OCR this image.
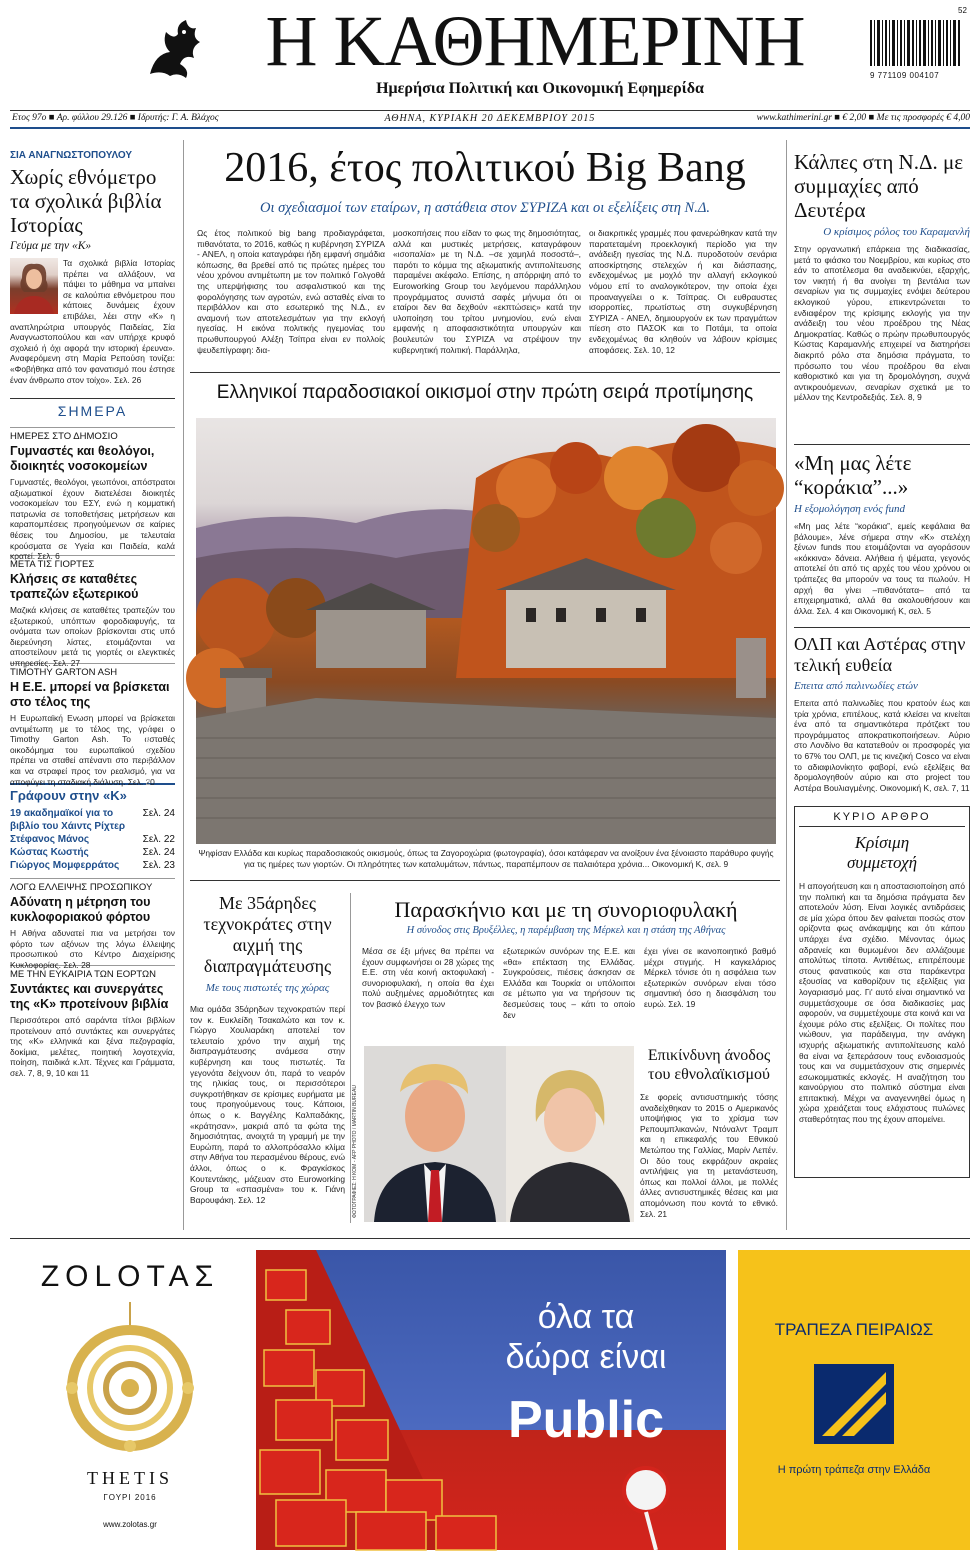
Η ΚΑΘΗΜΕΡΙΝΗ
Ημερήσια Πολιτική και Οικονομική Εφημερίδα
9 771109 004107
52
Ετος 97ο ■ Αρ. φύλλου 29.126 ■ Ιδρυτής: Γ. Α. Βλάχος	ΑΘΗΝΑ, ΚΥΡΙΑΚΗ 20 ΔΕΚΕΜΒΡΙΟΥ 2015	www.kathimerini.gr ■ € 2,00 ■ Με τις προσφορές € 4,00
ΣΙΑ ΑΝΑΓΝΩΣΤΟΠΟΥΛΟΥ
Χωρίς εθνόμετρο τα σχολικά βιβλία Ιστορίας
Γεύμα με την «Κ»
Τα σχολικά βιβλία Ιστορίας πρέπει να αλλάξουν, να πάψει το μάθημα να μπαίνει σε καλούπια εθνόμετρου που κάποιες δυνάμεις έχουν επιβάλει, λέει στην «Κ» η αναπληρώτρια υπουργός Παιδείας, Σία Αναγνωστοπούλου και «αν υπήρχε κρυφό σχολειό ή όχι αφορά την ιστορική έρευνα». Αναφερόμενη στη Μαρία Ρεπούση τονίζει: «Φοβήθηκα από τον φανατισμό που έστησε έναν άνθρωπο στον τοίχο». Σελ. 26
ΣΗΜΕΡΑ
ΗΜΕΡΕΣ ΣΤΟ ΔΗΜΟΣΙΟ
Γυμναστές και θεολόγοι, διοικητές νοσοκομείων
Γυμναστές, θεολόγοι, γεωπόνοι, απόστρατοι αξιωματικοί έχουν διατελέσει διοικητές νοσοκομείων του ΕΣΥ, ενώ η κομματική πατρωνία σε τοποθετήσεις μετρήσεων και καραπομπέσεις προηγούμενων σε καίριες θέσεις του Δημοσίου, με τελευταία κρούσματα σε Υγεία και Παιδεία, καλά κρατεί. Σελ. 6
ΜΕΤΑ ΤΙΣ ΓΙΟΡΤΕΣ
Κλήσεις σε καταθέτες τραπεζών εξωτερικού
Μαζικά κλήσεις σε καταθέτες τραπεζών του εξωτερικού, υπόπτων φοροδιαφυγής, τα ονόματα των οποίων βρίσκονται στις υπό διερεύνηση λίστες, ετοιμάζονται να αποστείλουν μετά τις γιορτές οι ελεγκτικές υπηρεσίες. Σελ. 27
TIMOTHY GARTON ASH
Η Ε.Ε. μπορεί να βρίσκεται στο τέλος της
Η Ευρωπαϊκή Ενωση μπορεί να βρίσκεται αντιμέτωπη με το τέλος της, γράφει ο Timothy Garton Ash. Το ασταθές οικοδόμημα του ευρωπαϊκού σχεδίου πρέπει να σταθεί απέναντι στο περιβάλλον και να στραφεί προς τον ρεαλισμό, για να αποφύγει τη σταδιακή διάλυση. Σελ. 20
Γράφουν στην «Κ»
19 ακαδημαϊκοί για το βιβλίο του Χάιντς Ρίχτερ
Σελ. 24
Στέφανος Μάνος	Σελ. 22
Κώστας Κωστής	Σελ. 24
Γιώργος Μομφερράτος Σελ. 23
ΛΟΓΩ ΕΛΛΕΙΨΗΣ ΠΡΟΣΩΠΙΚΟΥ
Αδύνατη η μέτρηση του κυκλοφοριακού φόρτου
Η Αθήνα αδυνατεί πια να μετρήσει τον φόρτο των αξόνων της λόγω έλλειψης προσωπικού στο Κέντρο Διαχείρισης Κυκλοφορίας. Σελ. 28
ΜΕ ΤΗΝ ΕΥΚΑΙΡΙΑ ΤΩΝ ΕΟΡΤΩΝ
Συντάκτες και συνεργάτες της «Κ» προτείνουν βιβλία
Περισσότεροι από σαράντα τίτλοι βιβλίων προτείνουν από συντάκτες και συνεργάτες της «Κ» ελληνικά και ξένα πεζογραφία, δοκίμια, μελέτες, ποιητική λογοτεχνία, ποίηση, παιδικά κ.λπ. Τέχνες και Γράμματα, σελ. 7, 8, 9, 10 και 11
2016, έτος πολιτικού Big Bang
Οι σχεδιασμοί των εταίρων, η αστάθεια στον ΣΥΡΙΖΑ και οι εξελίξεις στη Ν.Δ.
Ως έτος πολιτικού big bang προδιαγράφεται, πιθανότατα, το 2016, καθώς η κυβέρνηση ΣΥΡΙΖΑ - ΑΝΕΛ, η οποία καταγράφει ήδη εμφανή σημάδια κόπωσης, θα βρεθεί από τις πρώτες ημέρες του νέου χρόνου αντιμέτωπη με τον πολιτικό Γολγοθά της υπερψήφισης του ασφαλιστικού και της φορολόγησης των αγροτών, ενώ ασταθές είναι το περιβάλλον και στο εσωτερικό της Ν.Δ., εν αναμονή των αποτελεσμάτων για την εκλογή ηγεσίας. Η εικόνα πολιτικής ηγεμονίας του πρωθυπουργού Αλέξη Τσίπρα είναι εν πολλοίς ψευδεπίγραφη: δια-
μοσκοπήσεις που είδαν το φως της δημοσιότητας, αλλά και μυστικές μετρήσεις, καταγράφουν «ισοπαλία» με τη Ν.Δ. –σε χαμηλά ποσοστά–, παρότι το κόμμα της αξιωματικής αντιπολίτευσης παραμένει ακέφαλο. Επίσης, η απόρριψη από το Euroworking Group του λεγόμενου παράλληλου προγράμματος συνιστά σαφές μήνυμα ότι οι εταίροι δεν θα δεχθούν «εκπτώσεις» κατά την υλοποίηση του τρίτου μνημονίου, ενώ είναι εμφανής η αποφασιστικότητα υπουργών και βουλευτών του ΣΥΡΙΖΑ να στρέψουν την κυβερνητική πολιτική. Παράλληλα,
οι διακριτικές γραμμές που φανερώθηκαν κατά την παρατεταμένη προεκλογική περίοδο για την ανάδειξη ηγεσίας της Ν.Δ. πυροδοτούν σενάρια αποσκίρτησης στελεχών ή και διάσπασης, ενδεχομένως με μοχλό την αλλαγή εκλογικού νόμου επί το αναλογικότερον, την οποία έχει προαναγγείλει ο κ. Τσίπρας. Οι ευθραυστες ισορροπίες, πρωτίστως στη συγκυβέρνηση ΣΥΡΙΖΑ - ΑΝΕΛ, δημιουργούν εκ των πραγμάτων πίεση στο ΠΑΣΟΚ και το Ποτάμι, τα οποία ενδεχομένως θα κληθούν να λάβουν κρίσιμες αποφάσεις. Σελ. 10, 12
Ελληνικοί παραδοσιακοί οικισμοί στην πρώτη σειρά προτίμησης
ΦΩΤ. ΓΙΑΝ / ΜΑΡΙΛΗ ΒΑΡΔΟΓΙΑΛΗ
Ψηφίσαν Ελλάδα και κυρίως παραδοσιακούς οικισμούς, όπως τα Ζαγοροχώρια (φωτογραφία), όσοι κατάφεραν να ανοίξουν ένα ξένοιαστο παράθυρο φυγής για τις ημέρες των γιορτών. Οι πληρότητες των καταλυμάτων, πάντως, παραπέμπουν σε παλαιότερα χρόνια... Οικονομική Κ, σελ. 9
Με 35άρηδες τεχνοκράτες στην αιχμή της διαπραγμάτευσης
Με τους πιστωτές της χώρας
Μια ομάδα 35άρηδων τεχνοκρατών περί τον κ. Ευκλείδη Τσακαλώτο και τον κ. Γιώργο Χουλιαράκη αποτελεί τον τελευταίο χρόνο την αιχμή της διαπραγμάτευσης ανάμεσα στην κυβέρνηση και τους πιστωτές. Τα γεγονότα δείχνουν ότι, παρά το νεαρόν της ηλικίας τους, οι περισσότεροι συγκροτήθηκαν σε κρίσιμες ευρήματα με τους προηγούμενους τους. Κάποιοι, όπως ο κ. Βαγγέλης Καλπαδάκης, «κράτησαν», μακριά από τα φώτα της δημοσιότητας, ανοιχτά τη γραμμή με την Ευρώπη, παρά το αλλοπρόσαλλο κλίμα στην Αθήνα του περασμένου θέρους, ενώ άλλοι, όπως ο κ. Φραγκίσκος Κουτεντάκης, μάζευαν στο Euroworking Group τα «σπασμένα» του κ. Γιάνη Βαρουφάκη. Σελ. 12
Παρασκήνιο και με τη συνοριοφυλακή
Η σύνοδος στις Βρυξέλλες, η παρέμβαση της Μέρκελ και η στάση της Αθήνας
Μέσα σε έξι μήνες θα πρέπει να έχουν συμφωνήσει οι 28 χώρες της Ε.Ε. στη νέα κοινή ακτοφυλακή - συνοριοφυλακή, η οποία θα έχει πολύ αυξημένες αρμοδιότητες και τον βασικό έλεγχο των
εξωτερικών συνόρων της Ε.Ε. και «θα» επέκταση της Ελλάδας. Συγκρούσεις, πιέσεις άσκησαν σε Ελλάδα και Τουρκία οι υπόλοιποι σε μέτωπο για να τηρήσουν τις δεσμεύσεις τους – κάτι το οποίο δεν
έχει γίνει σε ικανοποιητικό βαθμό μέχρι στιγμής. Η καγκελάριος Μέρκελ τόνισε ότι η ασφάλεια των εξωτερικών συνόρων είναι τόσο σημαντική όσο η διασφάλιση του ευρώ. Σελ. 19
ΦΩΤΟΓΡΑΦΙΕΣ: Η ΚΟΜ - AFP PHOTO / MARTIN BUREAU
Επικίνδυνη άνοδος του εθνολαϊκισμού
Σε φορείς αντισυστημικής τόσης αναδείχθηκαν το 2015 ο Αμερικανός υποψήφιος για το χρίσμα των Ρεπουμπλικανών, Ντόναλντ Τραμπ και η επικεφαλής του Εθνικού Μετώπου της Γαλλίας, Μαρίν Λεπέν. Οι δύο τους εκφράζουν ακραίες αντιλήψεις για τη μετανάστευση, όπως και πολλοί άλλοι, με πολλές άλλες αντισυστημικές θέσεις και μια απομόνωση που κοντά το εθνικό. Σελ. 21
Κάλπες στη Ν.Δ. με συμμαχίες από Δευτέρα
Ο κρίσιμος ρόλος του Καραμανλή
Στην οργανωτική επάρκεια της διαδικασίας, μετά το φιάσκο του Νοεμβρίου, και κυρίως στο εάν το αποτέλεσμα θα αναδεικνύει, εξαρχής, τον νικητή ή θα ανοίγει τη βεντάλια των σεναρίων για τις συμμαχίες ενόψει δεύτερου εκλογικού γύρου, επικεντρώνεται το ενδιαφέρον της κρίσιμης εκλογής για την ανάδειξη του νέου προέδρου της Νέας Δημοκρατίας. Καθώς ο πρώην πρωθυπουργός Κώστας Καραμανλής επιχειρεί να διατηρήσει διακριτό ρόλο στα δημόσια πράγματα, το πρόσωπο του νέου προέδρου θα είναι καθοριστικό και για τη δρομολόγηση, συχνά αντικρουόμενων, σεναρίων σχετικά με το μέλλον της Κεντροδεξιάς. Σελ. 8, 9
«Μη μας λέτε “κοράκια”...»
Η εξομολόγηση ενός fund
«Μη μας λέτε “κοράκια”, εμείς κεφάλαια θα βάλουμε», λένε σήμερα στην «Κ» στελέχη ξένων funds που ετοιμάζονται να αγοράσουν «κόκκινα» δάνεια. Αλήθεια ή ψέματα, γεγονός αποτελεί ότι από τις αρχές του νέου χρόνου οι τράπεζες θα μπορούν να τους τα πωλούν. Η αρχή θα γίνει –πιθανότατα– από τα επιχειρηματικά, αλλά θα ακολουθήσουν και άλλα. Σελ. 4 και Οικονομική Κ, σελ. 5
ΟΛΠ και Αστέρας στην τελική ευθεία
Επειτα από παλινωδίες ετών
Επειτα από παλινωδίες που κρατούν έως και τρία χρόνια, επιτέλους, κατά κλείσει να κινείται ένα από τα σημαντικότερα πρότζεκτ του προγράμματος αποκρατικοποιήσεων. Αύριο στο Λονδίνο θα κατατεθούν οι προσφορές για το 67% του ΟΛΠ, με τις κινεζική Cosco να είναι το αδιαφιλονίκητο φαβορί, ενώ εξελίξεις θα δρομολογηθούν αύριο και στο project του Αστέρα Βουλιαγμένης. Οικονομική Κ, σελ. 7, 11
ΚΥΡΙΟ ΑΡΘΡΟ
Κρίσιμη συμμετοχή
Η απογοήτευση και η αποστασιοποίηση από την πολιτική και τα δημόσια πράγματα δεν αποτελούν λύση. Είναι λογικές αντιδράσεις σε μία χώρα όπου δεν φαίνεται ποσώς στον ορίζοντα φως ανάκαμψης και ότι κάπου υπάρχει ένα σχέδιο. Μένοντας όμως αδρανείς και θυμωμένοι δεν αλλάζουμε απολύτως τίποτα. Αντιθέτως, επιτρέπουμε στους φανατικούς και στα παράκεντρα εξουσίας να καθορίζουν τις εξελίξεις για λογαριασμό μας. Γι' αυτό είναι σημαντικό να συμμετάσχουμε σε όσα διαδικασίες μας αφορούν, να συμμετέχουμε στα κοινά και να έχουμε ρόλο στις εξελίξεις. Οι πολίτες που νιώθουν, για παράδειγμα, την ανάγκη ισχυρής αξιωματικής αντιπολίτευσης καλό θα είναι να ξεπεράσουν τους ενδοιασμούς τους και να συμμετάσχουν στις σημερινές εσωκομματικές εκλογές. Η αναζήτηση του καινούργιου στο πολιτικό σύστημα είναι επιτακτική. Μέχρι να αναγεννηθεί όμως η χώρα χρειάζεται τους ελάχιστους πυλώνες σταθερότητας που της έχουν απομείνει.
ZOLOTAΣ
THETIS
ΓΟΥΡΙ 2016
www.zolotas.gr
όλα τα
δώρα είναι
Public
ΤΡΑΠΕΖΑ ΠΕΙΡΑΙΩΣ
Η πρώτη τράπεζα στην Ελλάδα
